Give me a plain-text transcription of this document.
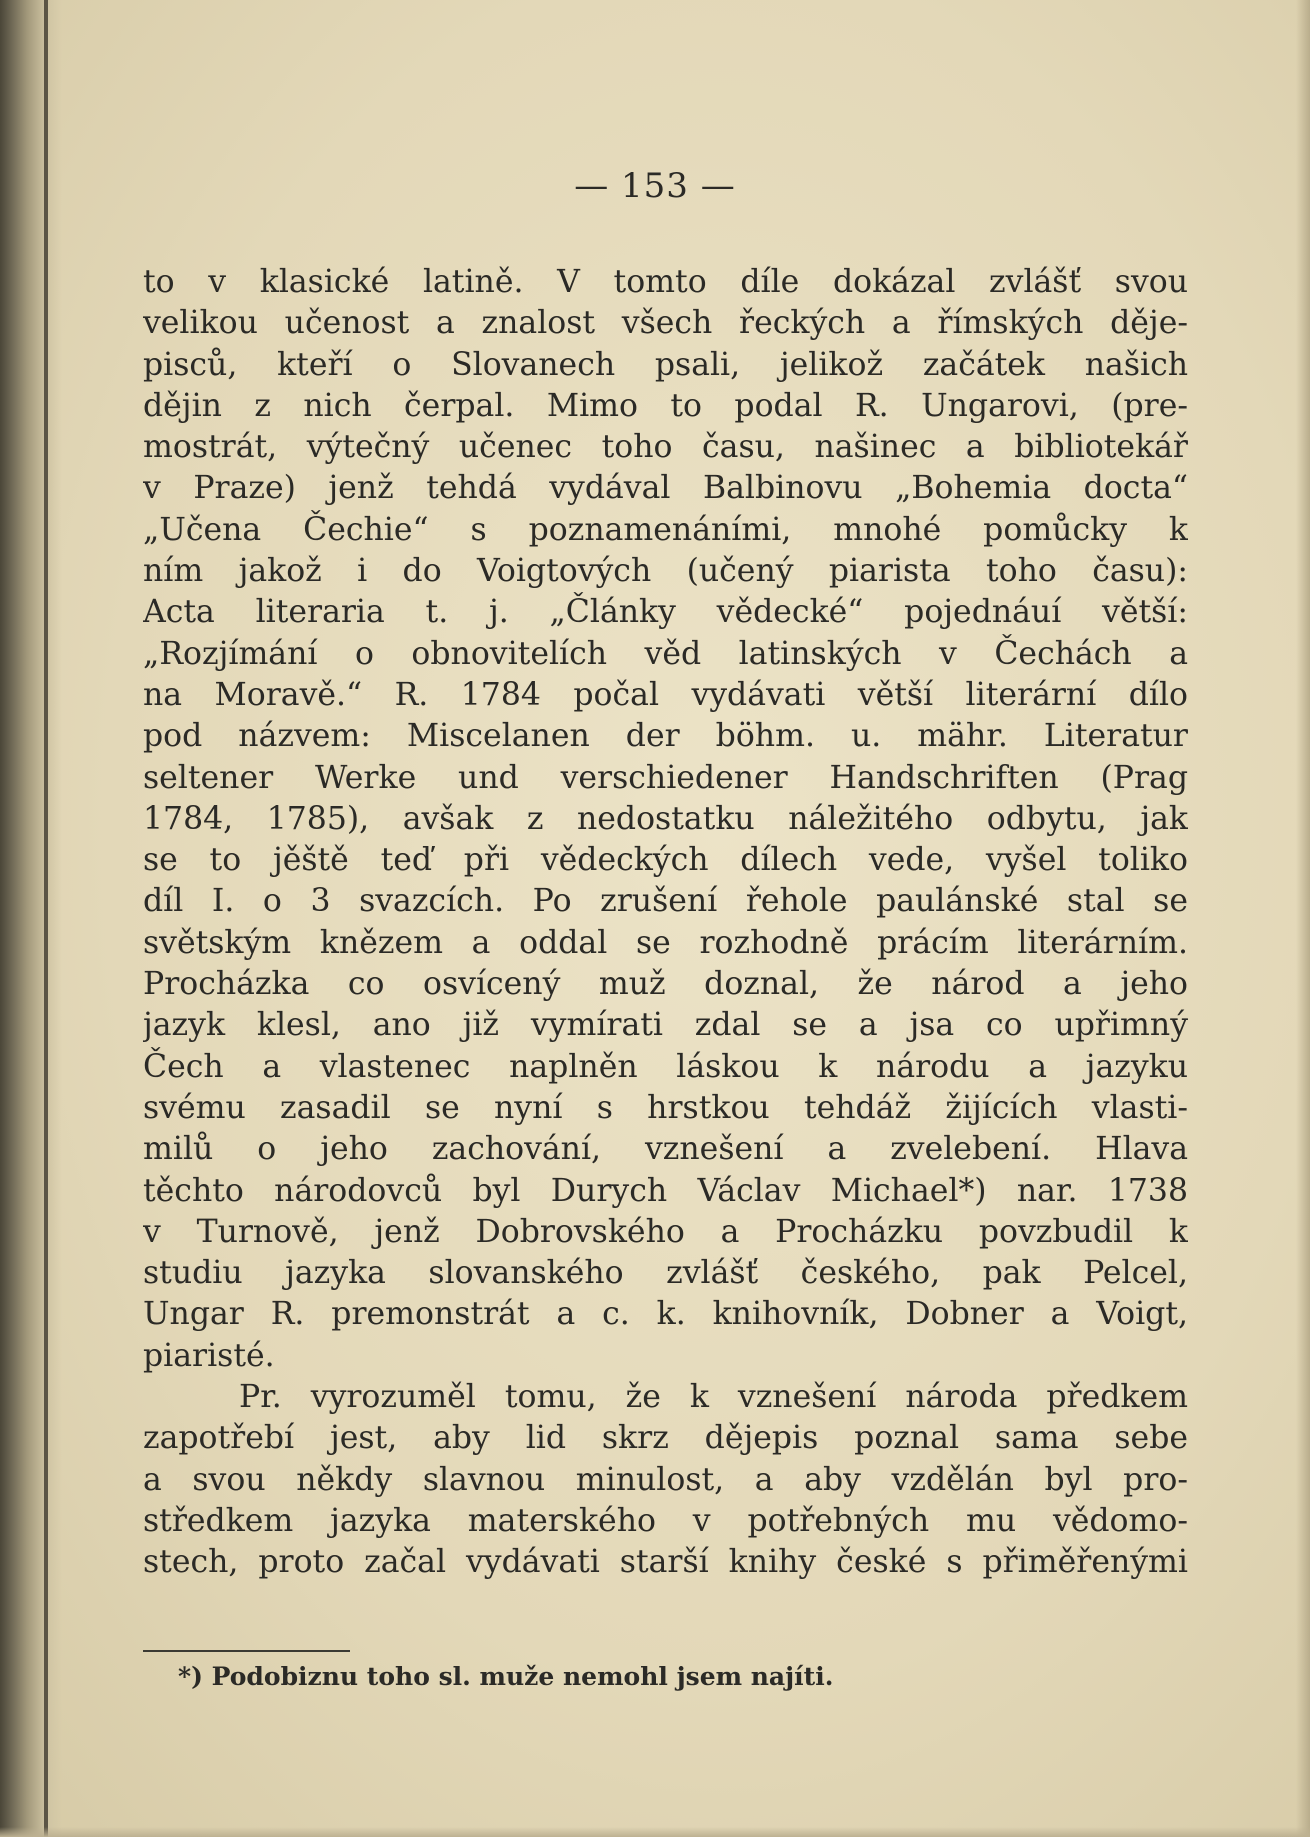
— 153 —
to v klasické latině. V tomto díle dokázal zvlášť svou
velikou učenost a znalost všech řeckých a římských děje-
pisců, kteří o Slovanech psali, jelikož začátek našich
dějin z nich čerpal. Mimo to podal R. Ungarovi, (pre-
mostrát, výtečný učenec toho času, našinec a bibliotekář
v Praze) jenž tehdá vydával Balbinovu „Bohemia docta“
„Učena Čechie“ s poznamenáními, mnohé pomůcky k
ním jakož i do Voigtových (učený piarista toho času):
Acta literaria t. j. „Články vědecké“ pojednáuí větší:
„Rozjímání o obnovitelích věd latinských v Čechách a
na Moravě.“ R. 1784 počal vydávati větší literární dílo
pod názvem: Miscelanen der böhm. u. mähr. Literatur
seltener Werke und verschiedener Handschriften (Prag
1784, 1785), avšak z nedostatku náležitého odbytu, jak
se to jěště teď při vědeckých dílech vede, vyšel toliko
díl I. o 3 svazcích. Po zrušení řehole paulánské stal se
světským knězem a oddal se rozhodně prácím literárním.
Procházka co osvícený muž doznal, že národ a jeho
jazyk klesl, ano již vymírati zdal se a jsa co upřimný
Čech a vlastenec naplněn láskou k národu a jazyku
svému zasadil se nyní s hrstkou tehdáž žijících vlasti-
milů o jeho zachování, vznešení a zvelebení. Hlava
těchto národovců byl Durych Václav Michael*) nar. 1738
v Turnově, jenž Dobrovského a Procházku povzbudil k
studiu jazyka slovanského zvlášť českého, pak Pelcel,
Ungar R. premonstrát a c. k. knihovník, Dobner a Voigt,
piaristé.
Pr. vyrozuměl tomu, že k vznešení národa předkem
zapotřebí jest, aby lid skrz dějepis poznal sama sebe
a svou někdy slavnou minulost, a aby vzdělán byl pro-
středkem jazyka materského v potřebných mu vědomo-
stech, proto začal vydávati starší knihy české s přiměřenými
*) Podobiznu toho sl. muže nemohl jsem najíti.
